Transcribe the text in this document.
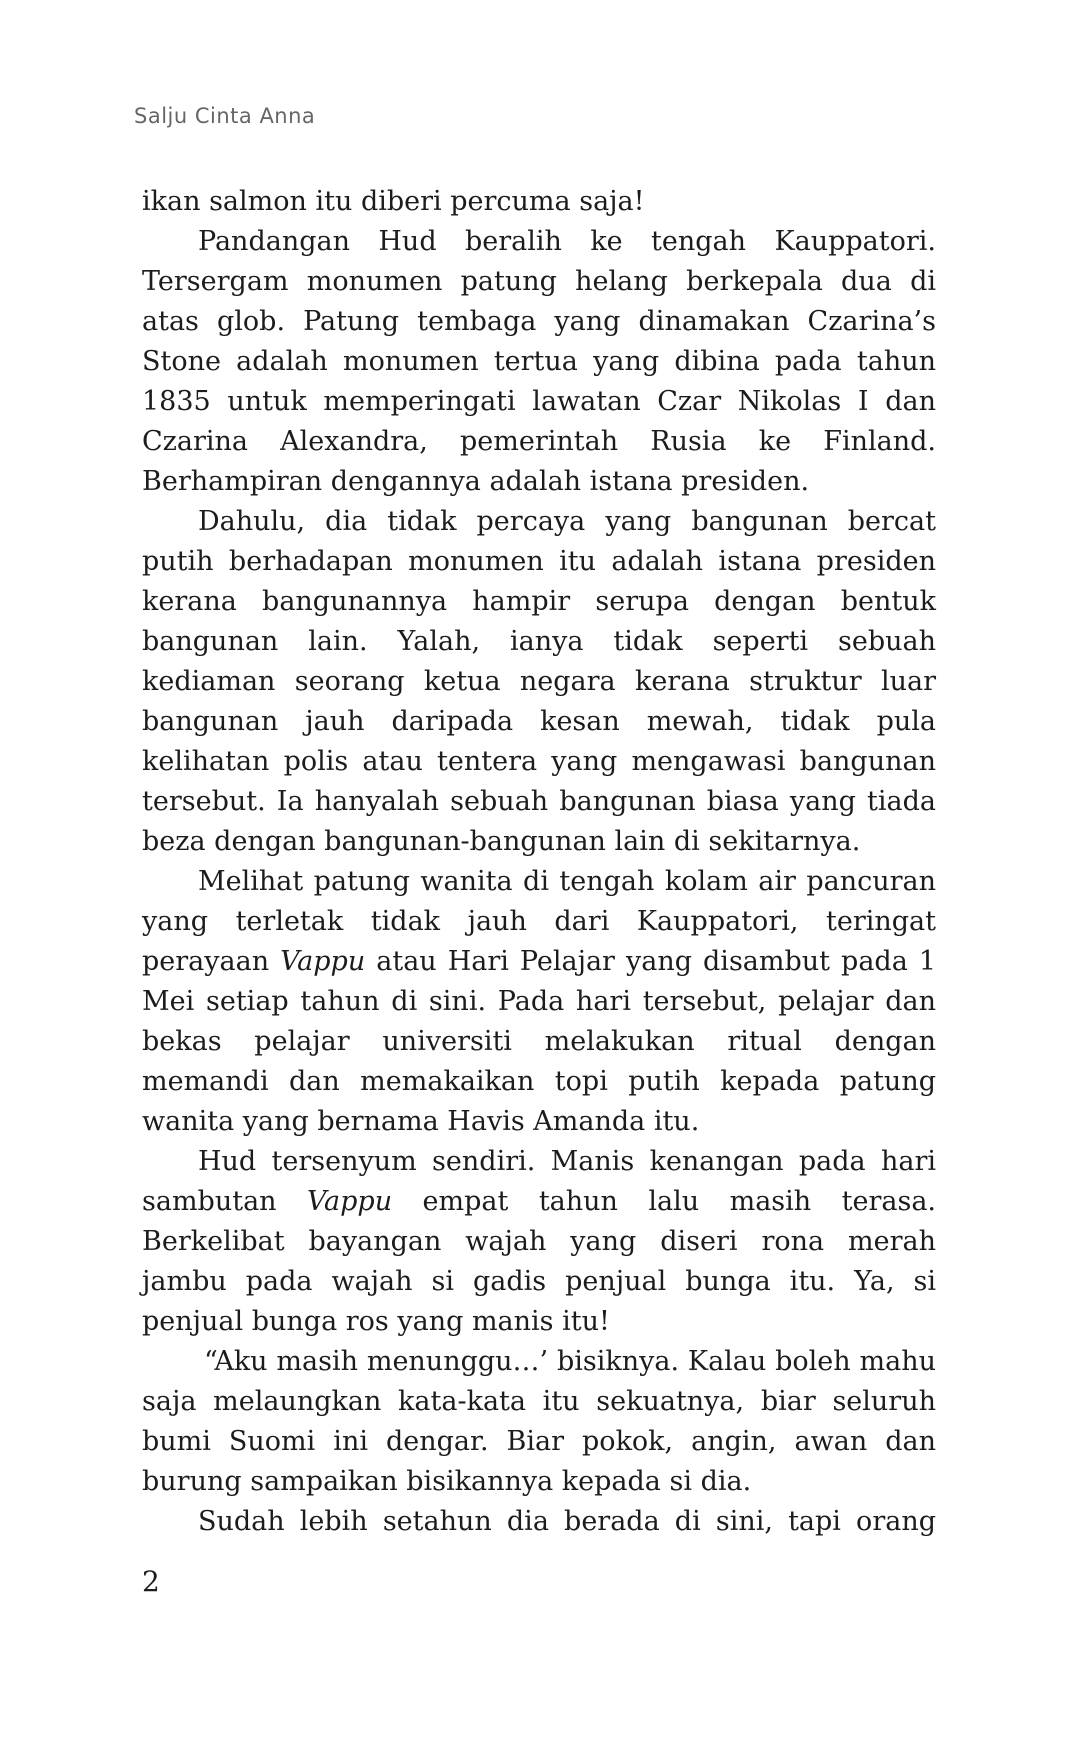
Salju Cinta Anna

ikan salmon itu diberi percuma saja!

Pandangan Hud beralih ke tengah Kauppatori. Tersergam monumen patung helang berkepala dua di atas glob. Patung tembaga yang dinamakan Czarina’s Stone adalah monumen tertua yang dibina pada tahun 1835 untuk memperingati lawatan Czar Nikolas I dan Czarina Alexandra, pemerintah Rusia ke Finland. Berhampiran dengannya adalah istana presiden.

Dahulu, dia tidak percaya yang bangunan bercat putih berhadapan monumen itu adalah istana presiden kerana bangunannya hampir serupa dengan bentuk bangunan lain. Yalah, ianya tidak seperti sebuah kediaman seorang ketua negara kerana struktur luar bangunan jauh daripada kesan mewah, tidak pula kelihatan polis atau tentera yang mengawasi bangunan tersebut. Ia hanyalah sebuah bangunan biasa yang tiada beza dengan bangunan-bangunan lain di sekitarnya.

Melihat patung wanita di tengah kolam air pancuran yang terletak tidak jauh dari Kauppatori, teringat perayaan Vappu atau Hari Pelajar yang disambut pada 1 Mei setiap tahun di sini. Pada hari tersebut, pelajar dan bekas pelajar universiti melakukan ritual dengan memandi dan memakaikan topi putih kepada patung wanita yang bernama Havis Amanda itu.

Hud tersenyum sendiri. Manis kenangan pada hari sambutan Vappu empat tahun lalu masih terasa. Berkelibat bayangan wajah yang diseri rona merah jambu pada wajah si gadis penjual bunga itu. Ya, si penjual bunga ros yang manis itu!

“Aku masih menunggu…’ bisiknya. Kalau boleh mahu saja melaungkan kata-kata itu sekuatnya, biar seluruh bumi Suomi ini dengar. Biar pokok, angin, awan dan burung sampaikan bisikannya kepada si dia.

Sudah lebih setahun dia berada di sini, tapi orang

2
